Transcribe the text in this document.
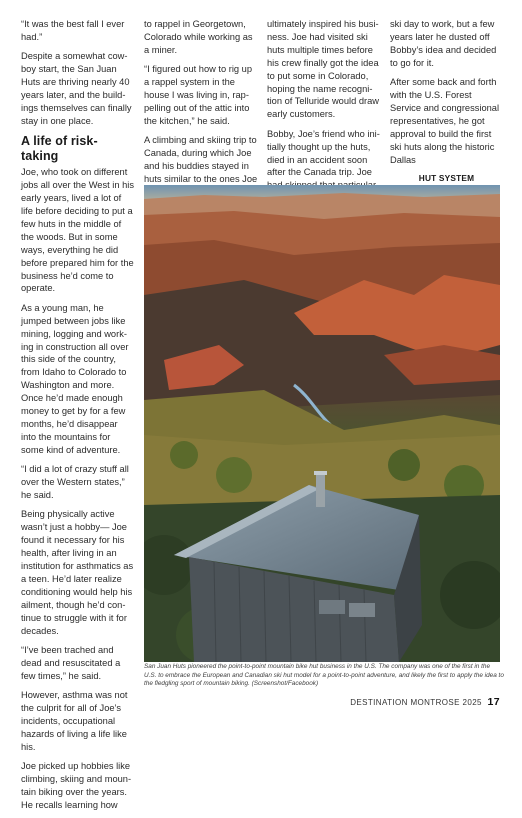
“It was the best fall I ever had.”

Despite a somewhat cowboy start, the San Juan Huts are thriving nearly 40 years later, and the buildings themselves can finally stay in one place.

A life of risk-taking

Joe, who took on different jobs all over the West in his early years, lived a lot of life before deciding to put a few huts in the middle of the woods. But in some ways, everything he did before prepared him for the business he’d come to operate.

As a young man, he jumped between jobs like mining, logging and working in construction all over this side of the country, from Idaho to Colorado to Washington and more. Once he’d made enough money to get by for a few months, he’d disappear into the mountains for some kind of adventure.

“I did a lot of crazy stuff all over the Western states,” he said.

Being physically active wasn’t just a hobby— Joe found it necessary for his health, after living in an institution for asthmatics as a teen. He’d later realize conditioning would help his ailment, though he’d continue to struggle with it for decades.

“I’ve been trached and dead and resuscitated a few times,” he said.

However, asthma was not the culprit for all of Joe’s incidents, occupational hazards of living a life like his.

Joe picked up hobbies like climbing, skiing and mountain biking over the years. He recalls learning how

to rappel in Georgetown, Colorado while working as a miner.

“I figured out how to rig up a rappel system in the house I was living in, rappelling out of the attic into the kitchen,” he said.

A climbing and skiing trip to Canada, during which Joe and his buddies stayed in huts similar to the ones Joe

ultimately inspired his business. Joe had visited ski huts multiple times before his crew finally got the idea to put some in Colorado, hoping the name recognition of Telluride would draw early customers.

Bobby, Joe’s friend who initially thought up the huts, died in an accident soon after the Canada trip. Joe

ski day to work, but a few years later he dusted off Bobby’s idea and decided to go for it.

After some back and forth with the U.S. Forest Service and congressional representatives, he got approval to build the first ski huts along the historic Dallas

HUT SYSTEM
San Juan Huts pioneered the point-to-point mountain bike hut business in the U.S. The company was one of the first in the U.S. to embrace the European and Canadian ski hut model for a point-to-point adventure, and likely the first to apply the idea to the fledgling sport of mountain biking. (Screenshot/Facebook)
DESTINATION MONTROSE 2025 17
